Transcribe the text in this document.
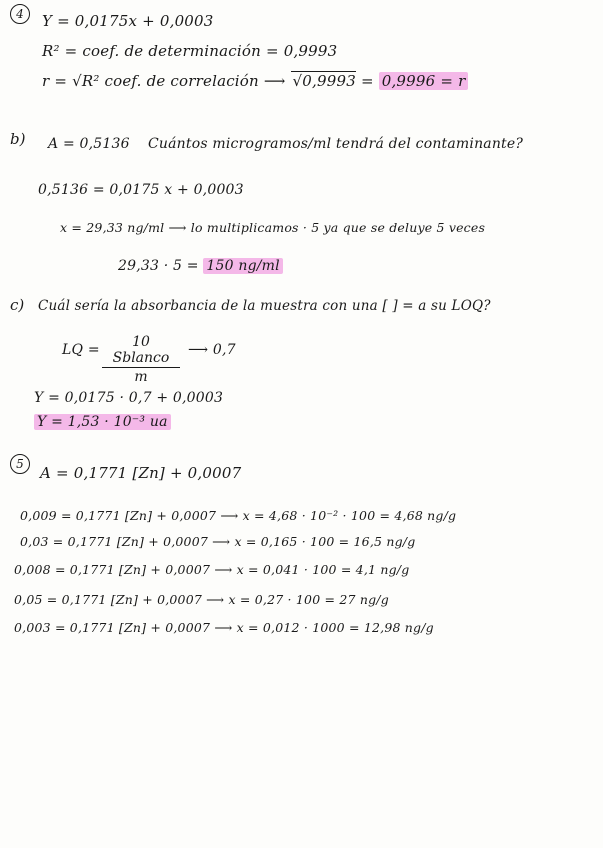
4	Y = 0,0175x + 0,0003
R² = coef. de determinación = 0,9993
r = √R² coef. de correlación ⟶ √0,9993 = 0,9996 = r
b) A = 0,5136 Cuántos microgramos/ml tendrá del contaminante?
0,5136 = 0,0175 x + 0,0003
x = 29,33 ng/ml ⟶ lo multiplicamos · 5 ya que se deluye 5 veces
29,33 · 5 = 150 ng/ml
c) Cuál sería la absorbancia de la muestra con una [ ] = a su LOQ?
LQ =	10 Sblanco
m
⟶ 0,7
Y = 0,0175 · 0,7 + 0,0003
Y = 1,53 · 10⁻³ ua
5	A = 0,1771 [Zn] + 0,0007
0,009 = 0,1771 [Zn] + 0,0007 ⟶ x = 4,68 · 10⁻² · 100 = 4,68 ng/g
0,03 = 0,1771 [Zn] + 0,0007 ⟶ x = 0,165 · 100 = 16,5 ng/g
0,008 = 0,1771 [Zn] + 0,0007 ⟶ x = 0,041 · 100 = 4,1 ng/g
0,05 = 0,1771 [Zn] + 0,0007 ⟶ x = 0,27 · 100 = 27 ng/g
0,003 = 0,1771 [Zn] + 0,0007 ⟶ x = 0,012 · 1000 = 12,98 ng/g
